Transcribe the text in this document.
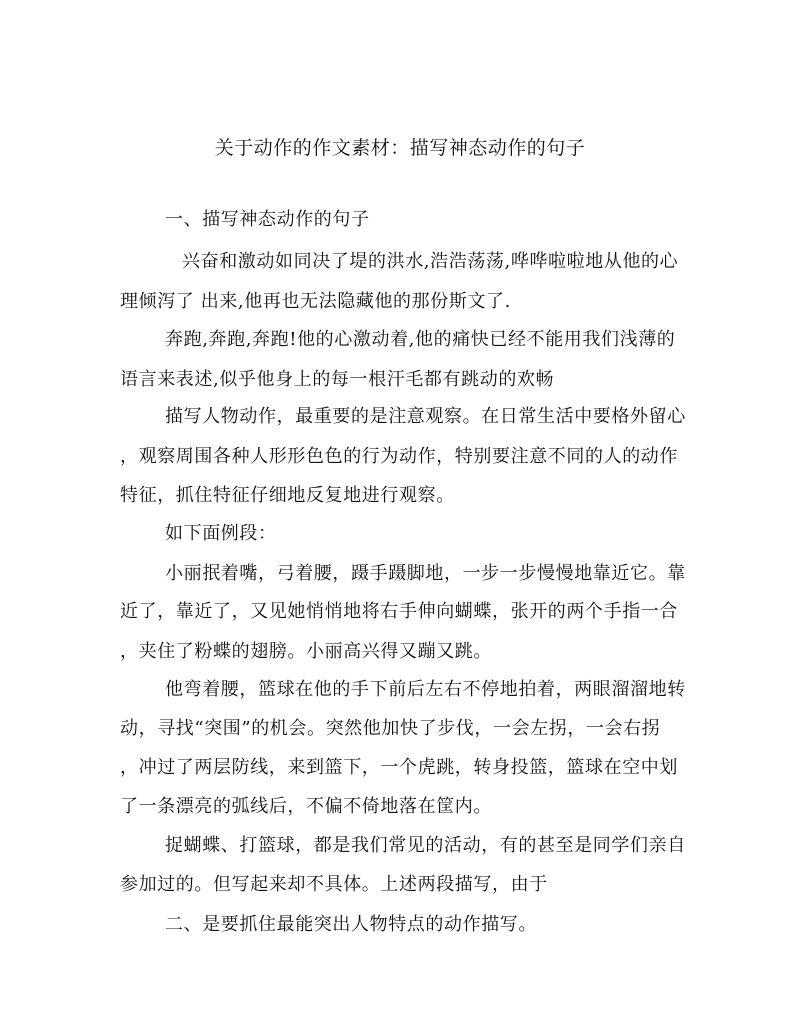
关于动作的作文素材：描写神态动作的句子
一、描写神态动作的句子
兴奋和激动如同决了堤的洪水,浩浩荡荡,哗哗啦啦地从他的心
理倾泻了 出来,他再也无法隐藏他的那份斯文了.
奔跑,奔跑,奔跑!他的心激动着,他的痛快已经不能用我们浅薄的
语言来表述,似乎他身上的每一根汗毛都有跳动的欢畅
描写人物动作，最重要的是注意观察。在日常生活中要格外留心
，观察周围各种人形形色色的行为动作，特别要注意不同的人的动作
特征，抓住特征仔细地反复地进行观察。
如下面例段：
小丽抿着嘴，弓着腰，蹑手蹑脚地，一步一步慢慢地靠近它。靠
近了，靠近了，又见她悄悄地将右手伸向蝴蝶，张开的两个手指一合
，夹住了粉蝶的翅膀。小丽高兴得又蹦又跳。
他弯着腰，篮球在他的手下前后左右不停地拍着，两眼溜溜地转
动，寻找“突围”的机会。突然他加快了步伐，一会左拐，一会右拐
，冲过了两层防线，来到篮下，一个虎跳，转身投篮，篮球在空中划
了一条漂亮的弧线后，不偏不倚地落在筐内。
捉蝴蝶、打篮球，都是我们常见的活动，有的甚至是同学们亲自
参加过的。但写起来却不具体。上述两段描写，由于
二、是要抓住最能突出人物特点的动作描写。
